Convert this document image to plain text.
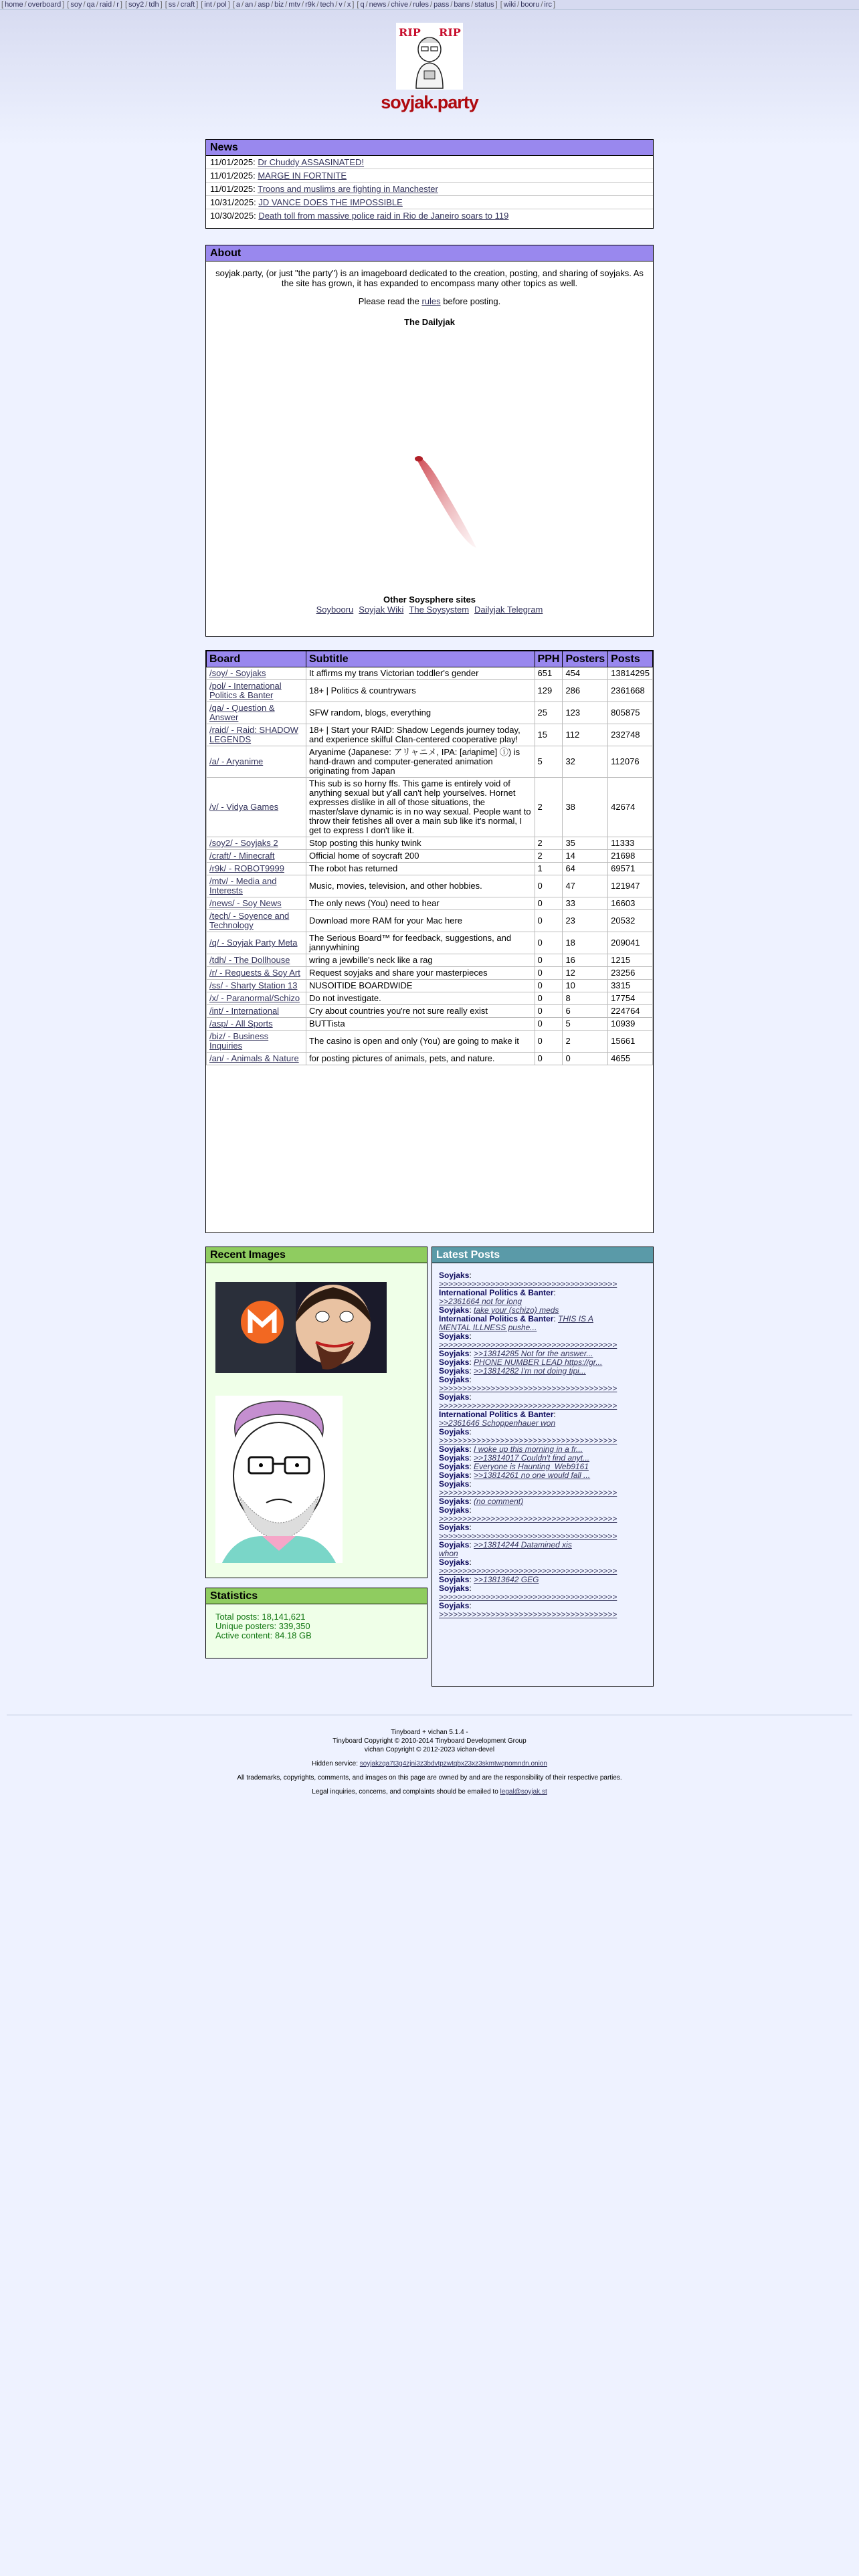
[ home / overboard ] [ soy / qa / raid / r ] [ soy2 / tdh ] [ ss / craft ] [ int / pol ] [ a / an / asp / biz / mtv / r9k / tech / v / x ] [ q / news / chive / rules / pass / bans / status ] [ wiki / booru / irc ]
RIP RIP
soyjak.party
News
11/01/2025: Dr Chuddy ASSASINATED!
11/01/2025: MARGE IN FORTNITE
11/01/2025: Troons and muslims are fighting in Manchester
10/31/2025: JD VANCE DOES THE IMPOSSIBLE
10/30/2025: Death toll from massive police raid in Rio de Janeiro soars to 119
About

soyjak.party, (or just "the party") is an imageboard dedicated to the creation, posting, and sharing of soyjaks. As the site has grown, it has expanded to encompass many other topics as well.

Please read the rules before posting.

The Dailyjak
Other Soysphere sites
Soybooru Soyjak Wiki The Soysystem Dailyjak Telegram
Board	Subtitle	PPH	Posters	Posts
/soy/ - Soyjaks	It affirms my trans Victorian toddler's gender	651	454	13814295
/pol/ - International Politics & Banter	18+ | Politics & countrywars	129	286	2361668
/qa/ - Question & Answer	SFW random, blogs, everything	25	123	805875
/raid/ - Raid: SHADOW LEGENDS	18+ | Start your RAID: Shadow Legends journey today, and experience skilful Clan-centered cooperative play!	15	112	232748
/a/ - Aryanime	Aryanime (Japanese: アリャニメ, IPA: [aɾʲaɲime] ⓘ) is hand-drawn and computer-generated animation originating from Japan	5	32	112076
/v/ - Vidya Games	This sub is so horny ffs. This game is entirely void of anything sexual but y'all can't help yourselves. Hornet expresses dislike in all of those situations, the master/slave dynamic is in no way sexual. People want to throw their fetishes all over a main sub like it's normal, I get to express I don't like it.	2	38	42674
/soy2/ - Soyjaks 2	Stop posting this hunky twink	2	35	11333
/craft/ - Minecraft	Official home of soycraft 200	2	14	21698
/r9k/ - ROBOT9999	The robot has returned	1	64	69571
/mtv/ - Media and Interests	Music, movies, television, and other hobbies.	0	47	121947
/news/ - Soy News	The only news (You) need to hear	0	33	16603
/tech/ - Soyence and Technology	Download more RAM for your Mac here	0	23	20532
/q/ - Soyjak Party Meta	The Serious Board™ for feedback, suggestions, and jannywhining	0	18	209041
/tdh/ - The Dollhouse	wring a jewbille's neck like a rag	0	16	1215
/r/ - Requests & Soy Art	Request soyjaks and share your masterpieces	0	12	23256
/ss/ - Sharty Station 13	NUSOITIDE BOARDWIDE	0	10	3315
/x/ - Paranormal/Schizo	Do not investigate.	0	8	17754
/int/ - International	Cry about countries you're not sure really exist	0	6	224764
/asp/ - All Sports	BUTTista	0	5	10939
/biz/ - Business Inquiries	The casino is open and only (You) are going to make it	0	2	15661
/an/ - Animals & Nature	for posting pictures of animals, pets, and nature.	0	0	4655
Recent Images
Statistics
Total posts: 18,141,621
Unique posters: 339,350
Active content: 84.18 GB
Latest Posts
Soyjaks:
>>>>>>>>>>>>>>>>>>>>>>>>>>>>>>>>>>>>>>
International Politics & Banter:
>>2361664 not for long
Soyjaks: take your (schizo) meds
International Politics & Banter: THIS IS A
MENTAL ILLNESS pushe...
Soyjaks:
>>>>>>>>>>>>>>>>>>>>>>>>>>>>>>>>>>>>>>
Soyjaks: >>13814285 Not for the answer...
Soyjaks: PHONE NUMBER LEAD https://gr...
Soyjaks: >>13814282 I'm not doing tipi...
Soyjaks:
>>>>>>>>>>>>>>>>>>>>>>>>>>>>>>>>>>>>>>
Soyjaks:
>>>>>>>>>>>>>>>>>>>>>>>>>>>>>>>>>>>>>>
International Politics & Banter:
>>2361646 Schoppenhauer won
Soyjaks:
>>>>>>>>>>>>>>>>>>>>>>>>>>>>>>>>>>>>>>
Soyjaks: I woke up this morning in a fr...
Soyjaks: >>13814017 Couldn't find anyt...
Soyjaks: Everyone is Haunting_Web9161
Soyjaks: >>13814261 no one would fall ...
Soyjaks:
>>>>>>>>>>>>>>>>>>>>>>>>>>>>>>>>>>>>>>
Soyjaks: (no comment)
Soyjaks:
>>>>>>>>>>>>>>>>>>>>>>>>>>>>>>>>>>>>>>
Soyjaks:
>>>>>>>>>>>>>>>>>>>>>>>>>>>>>>>>>>>>>>
Soyjaks: >>13814244 Datamined xis
whon
Soyjaks:
>>>>>>>>>>>>>>>>>>>>>>>>>>>>>>>>>>>>>>
Soyjaks: >>13813642 GEG
Soyjaks:
>>>>>>>>>>>>>>>>>>>>>>>>>>>>>>>>>>>>>>
Soyjaks:
>>>>>>>>>>>>>>>>>>>>>>>>>>>>>>>>>>>>>>
Tinyboard + vichan 5.1.4 -
Tinyboard Copyright © 2010-2014 Tinyboard Development Group
vichan Copyright © 2012-2023 vichan-devel
Hidden service: soyjakzqa7t3g4zjni3z3bdvtpzwtqbx23xz3skmtwqnomndn.onion
All trademarks, copyrights, comments, and images on this page are owned by and are the responsibility of their respective parties.
Legal inquiries, concerns, and complaints should be emailed to legal@soyjak.st
